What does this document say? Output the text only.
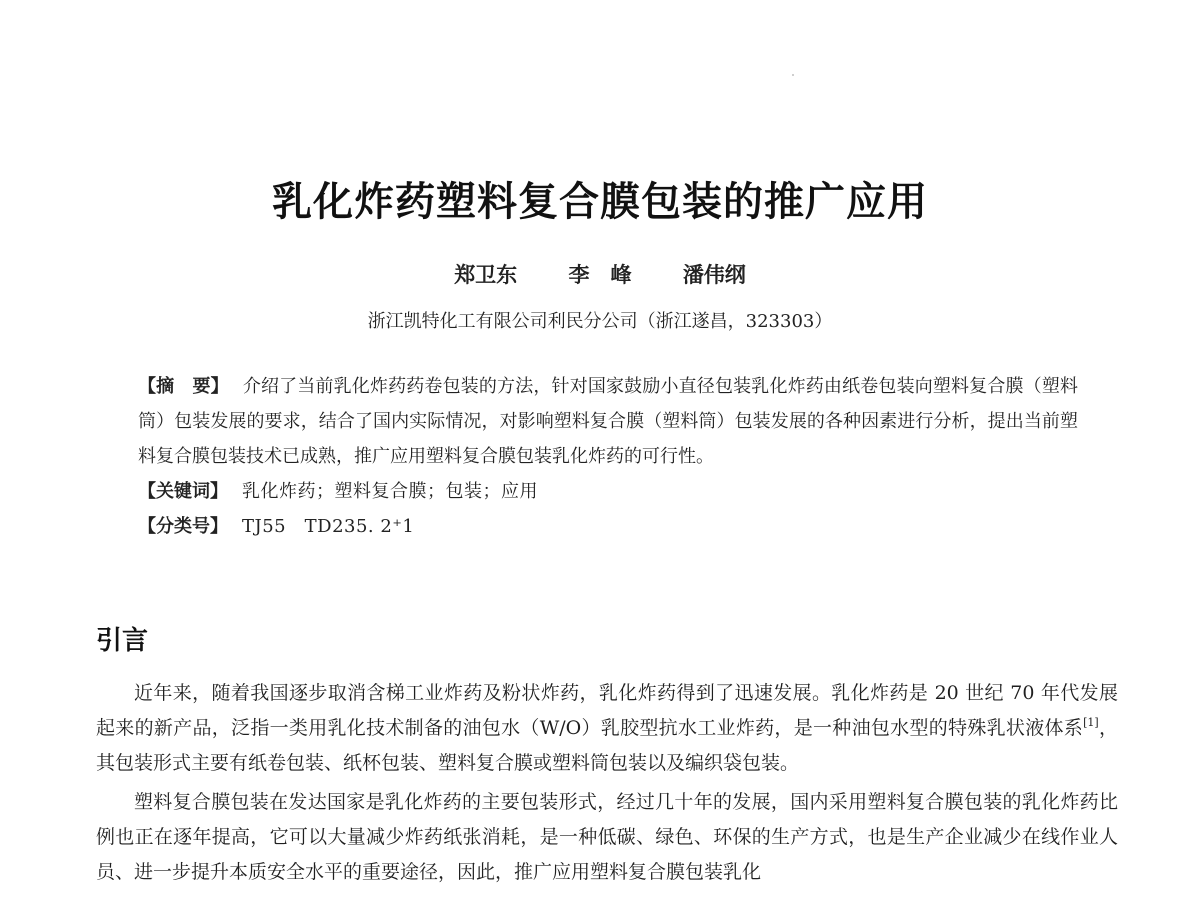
乳化炸药塑料复合膜包装的推广应用
郑卫东 李　峰 潘伟纲
浙江凯特化工有限公司利民分公司（浙江遂昌，323303）
【摘　要】 介绍了当前乳化炸药药卷包装的方法，针对国家鼓励小直径包装乳化炸药由纸卷包装向塑料复合膜（塑料筒）包装发展的要求，结合了国内实际情况，对影响塑料复合膜（塑料筒）包装发展的各种因素进行分析，提出当前塑料复合膜包装技术已成熟，推广应用塑料复合膜包装乳化炸药的可行性。
【关键词】 乳化炸药；塑料复合膜；包装；应用
【分类号】 TJ55　TD235. 2⁺1
引言

近年来，随着我国逐步取消含梯工业炸药及粉状炸药，乳化炸药得到了迅速发展。乳化炸药是 20 世纪 70 年代发展起来的新产品，泛指一类用乳化技术制备的油包水（W/O）乳胶型抗水工业炸药，是一种油包水型的特殊乳状液体系[1]，其包装形式主要有纸卷包装、纸杯包装、塑料复合膜或塑料筒包装以及编织袋包装。

塑料复合膜包装在发达国家是乳化炸药的主要包装形式，经过几十年的发展，国内采用塑料复合膜包装的乳化炸药比例也正在逐年提高，它可以大量减少炸药纸张消耗，是一种低碳、绿色、环保的生产方式，也是生产企业减少在线作业人员、进一步提升本质安全水平的重要途径，因此，推广应用塑料复合膜包装乳化
